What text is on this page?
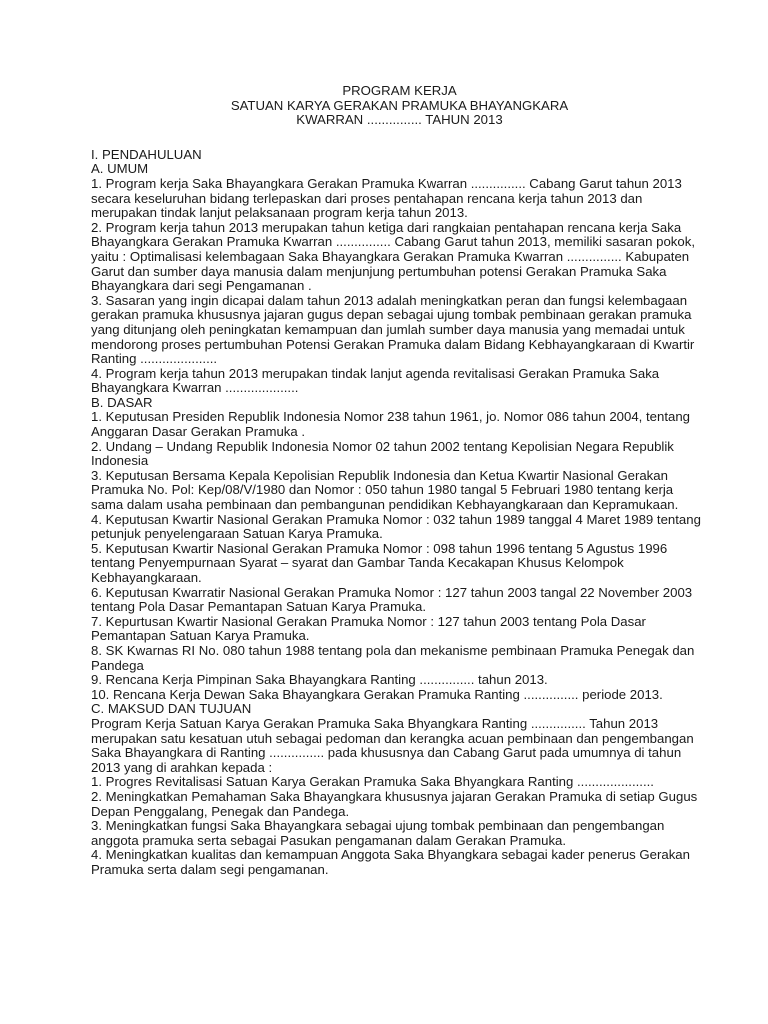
PROGRAM KERJA
SATUAN KARYA GERAKAN PRAMUKA BHAYANGKARA
KWARRAN ............... TAHUN 2013

I. PENDAHULUAN

A. UMUM

1. Program kerja Saka Bhayangkara Gerakan Pramuka Kwarran ............... Cabang Garut tahun 2013 secara keseluruhan bidang terlepaskan dari proses pentahapan rencana kerja tahun 2013 dan merupakan tindak lanjut pelaksanaan program kerja tahun 2013.

2. Program kerja tahun 2013 merupakan tahun ketiga dari rangkaian pentahapan rencana kerja Saka Bhayangkara Gerakan Pramuka Kwarran ............... Cabang Garut tahun 2013, memiliki sasaran pokok, yaitu : Optimalisasi kelembagaan Saka Bhayangkara Gerakan Pramuka Kwarran ............... Kabupaten Garut dan sumber daya manusia dalam menjunjung pertumbuhan potensi Gerakan Pramuka Saka Bhayangkara dari segi Pengamanan .

3. Sasaran yang ingin dicapai dalam tahun 2013 adalah meningkatkan peran dan fungsi kelembagaan gerakan pramuka khususnya jajaran gugus depan sebagai ujung tombak pembinaan gerakan pramuka yang ditunjang oleh peningkatan kemampuan dan jumlah sumber daya manusia yang memadai untuk mendorong proses pertumbuhan Potensi Gerakan Pramuka dalam Bidang Kebhayangkaraan di Kwartir Ranting .....................

4. Program kerja tahun 2013 merupakan tindak lanjut agenda revitalisasi Gerakan Pramuka Saka Bhayangkara Kwarran ....................

B. DASAR

1. Keputusan Presiden Republik Indonesia Nomor 238 tahun 1961, jo. Nomor 086 tahun 2004, tentang Anggaran Dasar Gerakan Pramuka .

2. Undang – Undang Republik Indonesia Nomor 02 tahun 2002 tentang Kepolisian Negara Republik Indonesia

3. Keputusan Bersama Kepala Kepolisian Republik Indonesia dan Ketua Kwartir Nasional Gerakan Pramuka No. Pol: Kep/08/V/1980 dan Nomor : 050 tahun 1980 tangal 5 Februari 1980 tentang kerja sama dalam usaha pembinaan dan pembangunan pendidikan Kebhayangkaraan dan Kepramukaan.

4. Keputusan Kwartir Nasional Gerakan Pramuka Nomor : 032 tahun 1989 tanggal 4 Maret 1989 tentang petunjuk penyelengaraan Satuan Karya Pramuka.

5. Keputusan Kwartir Nasional Gerakan Pramuka Nomor : 098 tahun 1996 tentang 5 Agustus 1996 tentang Penyempurnaan Syarat – syarat dan Gambar Tanda Kecakapan Khusus Kelompok Kebhayangkaraan.

6. Keputusan Kwarratir Nasional Gerakan Pramuka Nomor : 127 tahun 2003 tangal 22 November 2003 tentang Pola Dasar Pemantapan Satuan Karya Pramuka.

7. Kepurtusan Kwartir Nasional Gerakan Pramuka Nomor : 127 tahun 2003 tentang Pola Dasar Pemantapan Satuan Karya Pramuka.

8. SK Kwarnas RI No. 080 tahun 1988 tentang pola dan mekanisme pembinaan Pramuka Penegak dan Pandega

9. Rencana Kerja Pimpinan Saka Bhayangkara Ranting ............... tahun 2013.

10. Rencana Kerja Dewan Saka Bhayangkara Gerakan Pramuka Ranting ............... periode 2013.

C. MAKSUD DAN TUJUAN

Program Kerja Satuan Karya Gerakan Pramuka Saka Bhyangkara Ranting ............... Tahun 2013 merupakan satu kesatuan utuh sebagai pedoman dan kerangka acuan pembinaan dan pengembangan Saka Bhayangkara di Ranting ............... pada khususnya dan Cabang Garut pada umumnya di tahun 2013 yang di arahkan kepada :

1. Progres Revitalisasi Satuan Karya Gerakan Pramuka Saka Bhyangkara Ranting .....................

2. Meningkatkan Pemahaman Saka Bhayangkara khususnya jajaran Gerakan Pramuka di setiap Gugus Depan Penggalang, Penegak dan Pandega.

3. Meningkatkan fungsi Saka Bhayangkara sebagai ujung tombak pembinaan dan pengembangan anggota pramuka serta sebagai Pasukan pengamanan dalam Gerakan Pramuka.

4. Meningkatkan kualitas dan kemampuan Anggota Saka Bhyangkara sebagai kader penerus Gerakan Pramuka serta dalam segi pengamanan.
